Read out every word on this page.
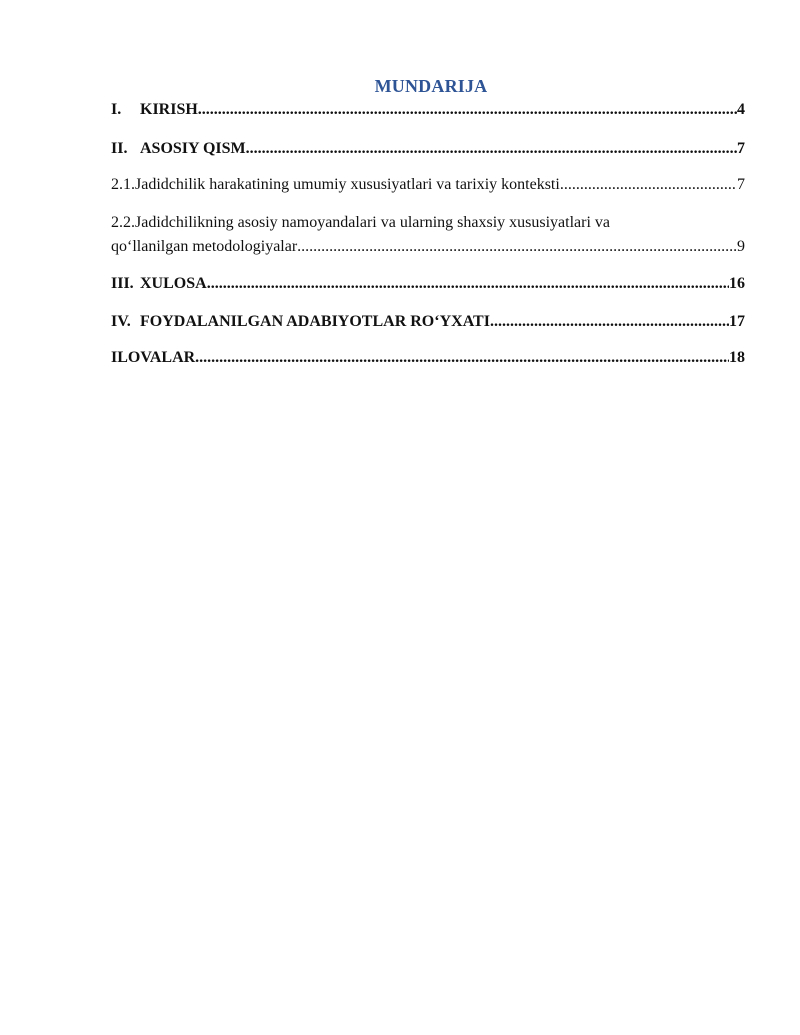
MUNDARIJA
I.	KIRISH .....	4
II. ASOSIY QISM .....	7
2.1. Jadidchilik harakatining umumiy xususiyatlari va tarixiy konteksti .....	7
2.2.Jadidchilikning asosiy namoyandalari va ularning shaxsiy xususiyatlari va
qo‘llanilgan metodologiyalar .....	9
III. XULOSA .....	16
IV. FOYDALANILGAN ADABIYOTLAR RO‘YXATI .....	17
ILOVALAR .....	18
